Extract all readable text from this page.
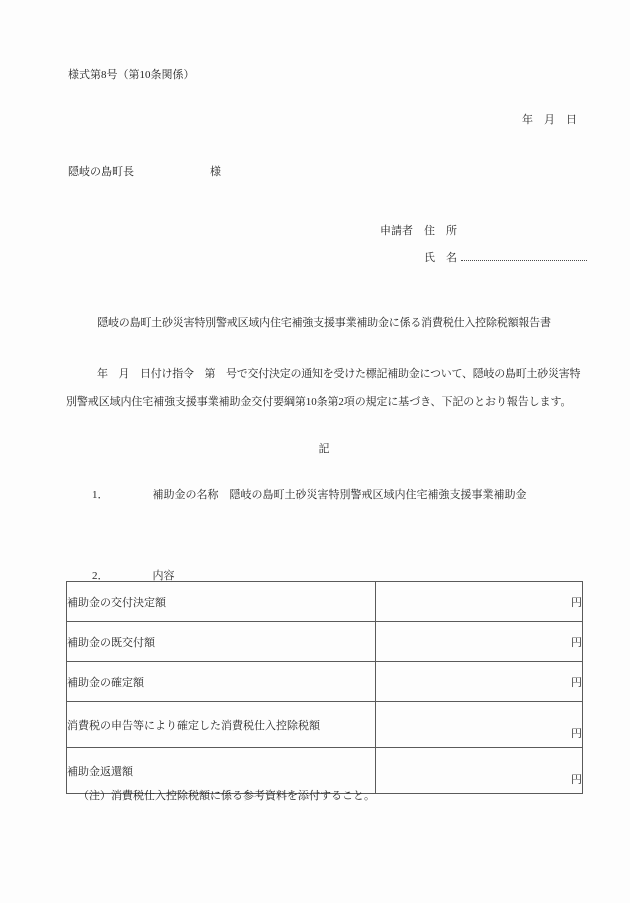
様式第8号（第10条関係）
年　月　日
隠岐の島町長	様
申請者　住　所
氏　名
隠岐の島町土砂災害特別警戒区域内住宅補強支援事業補助金に係る消費税仕入控除税額報告書
年　月　日付け指令　第　号で交付決定の通知を受けた標記補助金について、隠岐の島町土砂災害特
別警戒区域内住宅補強支援事業補助金交付要綱第10条第2項の規定に基づき、下記のとおり報告します。
記
1．	補助金の名称 隠岐の島町土砂災害特別警戒区域内住宅補強支援事業補助金
2．	内容
補助金の交付決定額	円
補助金の既交付額	円
補助金の確定額	円
消費税の申告等により確定した消費税仕入控除税額	円
補助金返還額	円
（注）消費税仕入控除税額に係る参考資料を添付すること。
